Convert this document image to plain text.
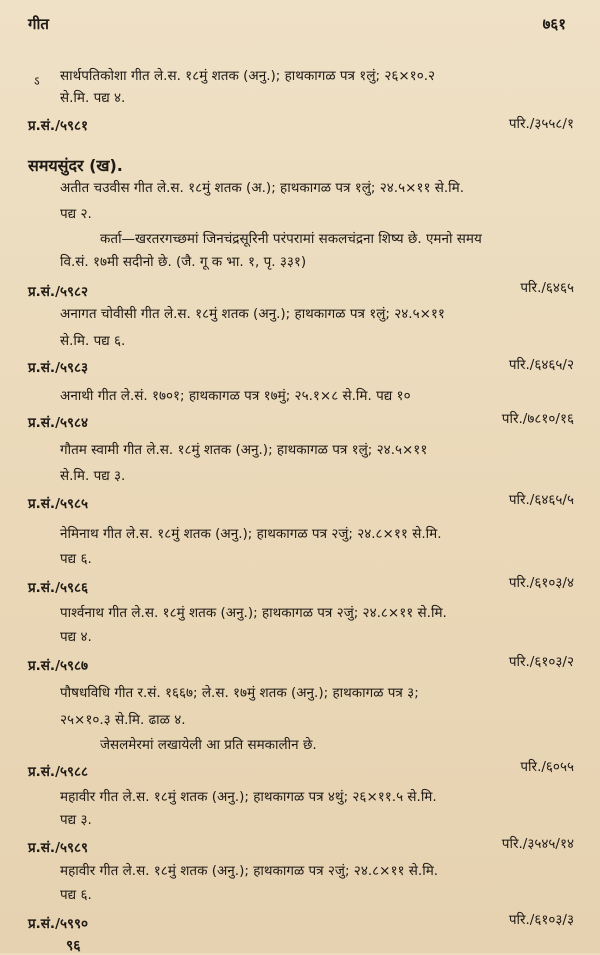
गीत	७६१
ऽ सार्थपतिकोशा गीत ले.स. १८मुं शतक (अनु.); हाथकागळ पत्र १लुं; २६×१०.२
से.मि. पद्य ४.
प्र.सं./५९८१	परि./३५५८/१
समयसुंदर (ख).
अतीत चउवीस गीत ले.स. १८मुं शतक (अ.); हाथकागळ पत्र १लुं; २४.५×११ से.मि.
पद्य २.
कर्ता—खरतरगच्छमां जिनचंद्रसूरिनी परंपरामां सकलचंद्रना शिष्य छे. एमनो समय
वि.सं. १७मी सदीनो छे. (जै. गू क भा. १, पृ. ३३१)
प्र.सं./५९८२	परि./६४६५
अनागत चोवीसी गीत ले.स. १८मुं शतक (अनु.); हाथकागळ पत्र १लुं; २४.५×११
से.मि. पद्य ६.
प्र.सं./५९८३	परि./६४६५/२
अनाथी गीत ले.सं. १७०१; हाथकागळ पत्र १७मुं; २५.१×८ से.मि. पद्य १०
प्र.सं./५९८४	परि./७८१०/१६
गौतम स्वामी गीत ले.स. १८मुं शतक (अनु.); हाथकागळ पत्र १लुं; २४.५×११
से.मि. पद्य ३.
प्र.सं./५९८५	परि./६४६५/५
नेमिनाथ गीत ले.स. १८मुं शतक (अनु.); हाथकागळ पत्र २जुं; २४.८×११ से.मि.
पद्य ६.
प्र.सं./५९८६	परि./६१०३/४
पार्श्वनाथ गीत ले.स. १८मुं शतक (अनु.); हाथकागळ पत्र २जुं; २४.८×११ से.मि.
पद्य ४.
प्र.सं./५९८७	परि./६१०३/२
पौषधविधि गीत र.सं. १६६७; ले.स. १७मुं शतक (अनु.); हाथकागळ पत्र ३;
२५×१०.३ से.मि. ढाळ ४.
जेसलमेरमां लखायेली आ प्रति समकालीन छे.
प्र.सं./५९८८	परि./६०५५
महावीर गीत ले.स. १८मुं शतक (अनु.); हाथकागळ पत्र ४थुं; २६×११.५ से.मि.
पद्य ३.
प्र.सं./५९८९	परि./३५४५/१४
महावीर गीत ले.स. १८मुं शतक (अनु.); हाथकागळ पत्र २जुं; २४.८×११ से.मि.
पद्य ६.
प्र.सं./५९९०	परि./६१०३/३
९६
